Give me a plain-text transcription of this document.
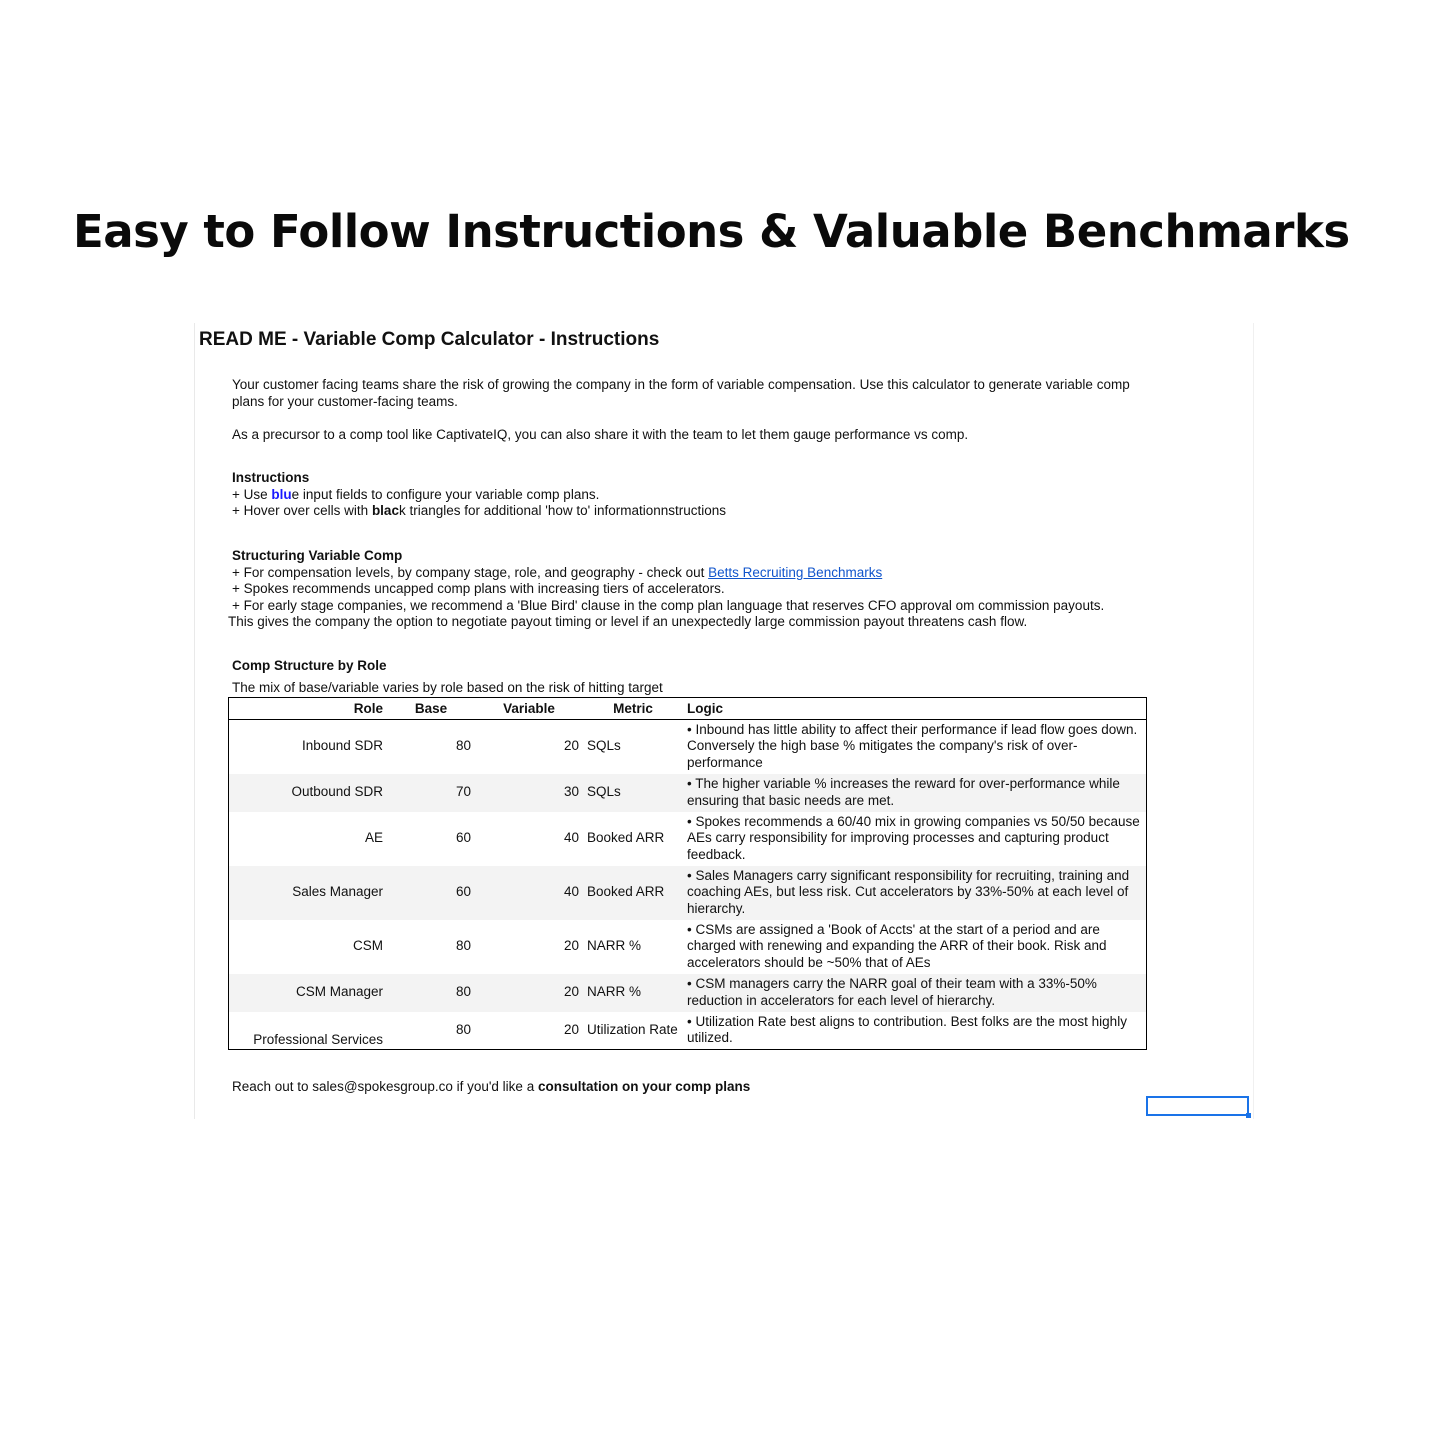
Easy to Follow Instructions & Valuable Benchmarks
READ ME - Variable Comp Calculator - Instructions

Your customer facing teams share the risk of growing the company in the form of variable compensation. Use this calculator to generate variable comp plans for your customer-facing teams.

As a precursor to a comp tool like CaptivateIQ, you can also share it with the team to let them gauge performance vs comp.

Instructions
+ Use blue input fields to configure your variable comp plans.
+ Hover over cells with black triangles for additional 'how to' informationnstructions

Structuring Variable Comp
+ For compensation levels, by company stage, role, and geography - check out Betts Recruiting Benchmarks
+ Spokes recommends uncapped comp plans with increasing tiers of accelerators.
+ For early stage companies, we recommend a 'Blue Bird' clause in the comp plan language that reserves CFO approval om commission payouts.
This gives the company the option to negotiate payout timing or level if an unexpectedly large commission payout threatens cash flow.

Comp Structure by Role

The mix of base/variable varies by role based on the risk of hitting target

Role	Base	Variable	Metric	Logic
Inbound SDR	80	20	SQLs	• Inbound has little ability to affect their performance if lead flow goes down. Conversely the high base % mitigates the company's risk of over-performance
Outbound SDR	70	30	SQLs	• The higher variable % increases the reward for over-performance while ensuring that basic needs are met.
AE	60	40	Booked ARR	• Spokes recommends a 60/40 mix in growing companies vs 50/50 because AEs carry responsibility for improving processes and capturing product feedback.
Sales Manager	60	40	Booked ARR	• Sales Managers carry significant responsibility for recruiting, training and coaching AEs, but less risk. Cut accelerators by 33%-50% at each level of hierarchy.
CSM	80	20	NARR %	• CSMs are assigned a 'Book of Accts' at the start of a period and are charged with renewing and expanding the ARR of their book. Risk and accelerators should be ~50% that of AEs
CSM Manager	80	20	NARR %	• CSM managers carry the NARR goal of their team with a 33%-50% reduction in accelerators for each level of hierarchy.
Professional Services	80	20	Utilization Rate	• Utilization Rate best aligns to contribution. Best folks are the most highly utilized.

Reach out to sales@spokesgroup.co if you'd like a consultation on your comp plans
